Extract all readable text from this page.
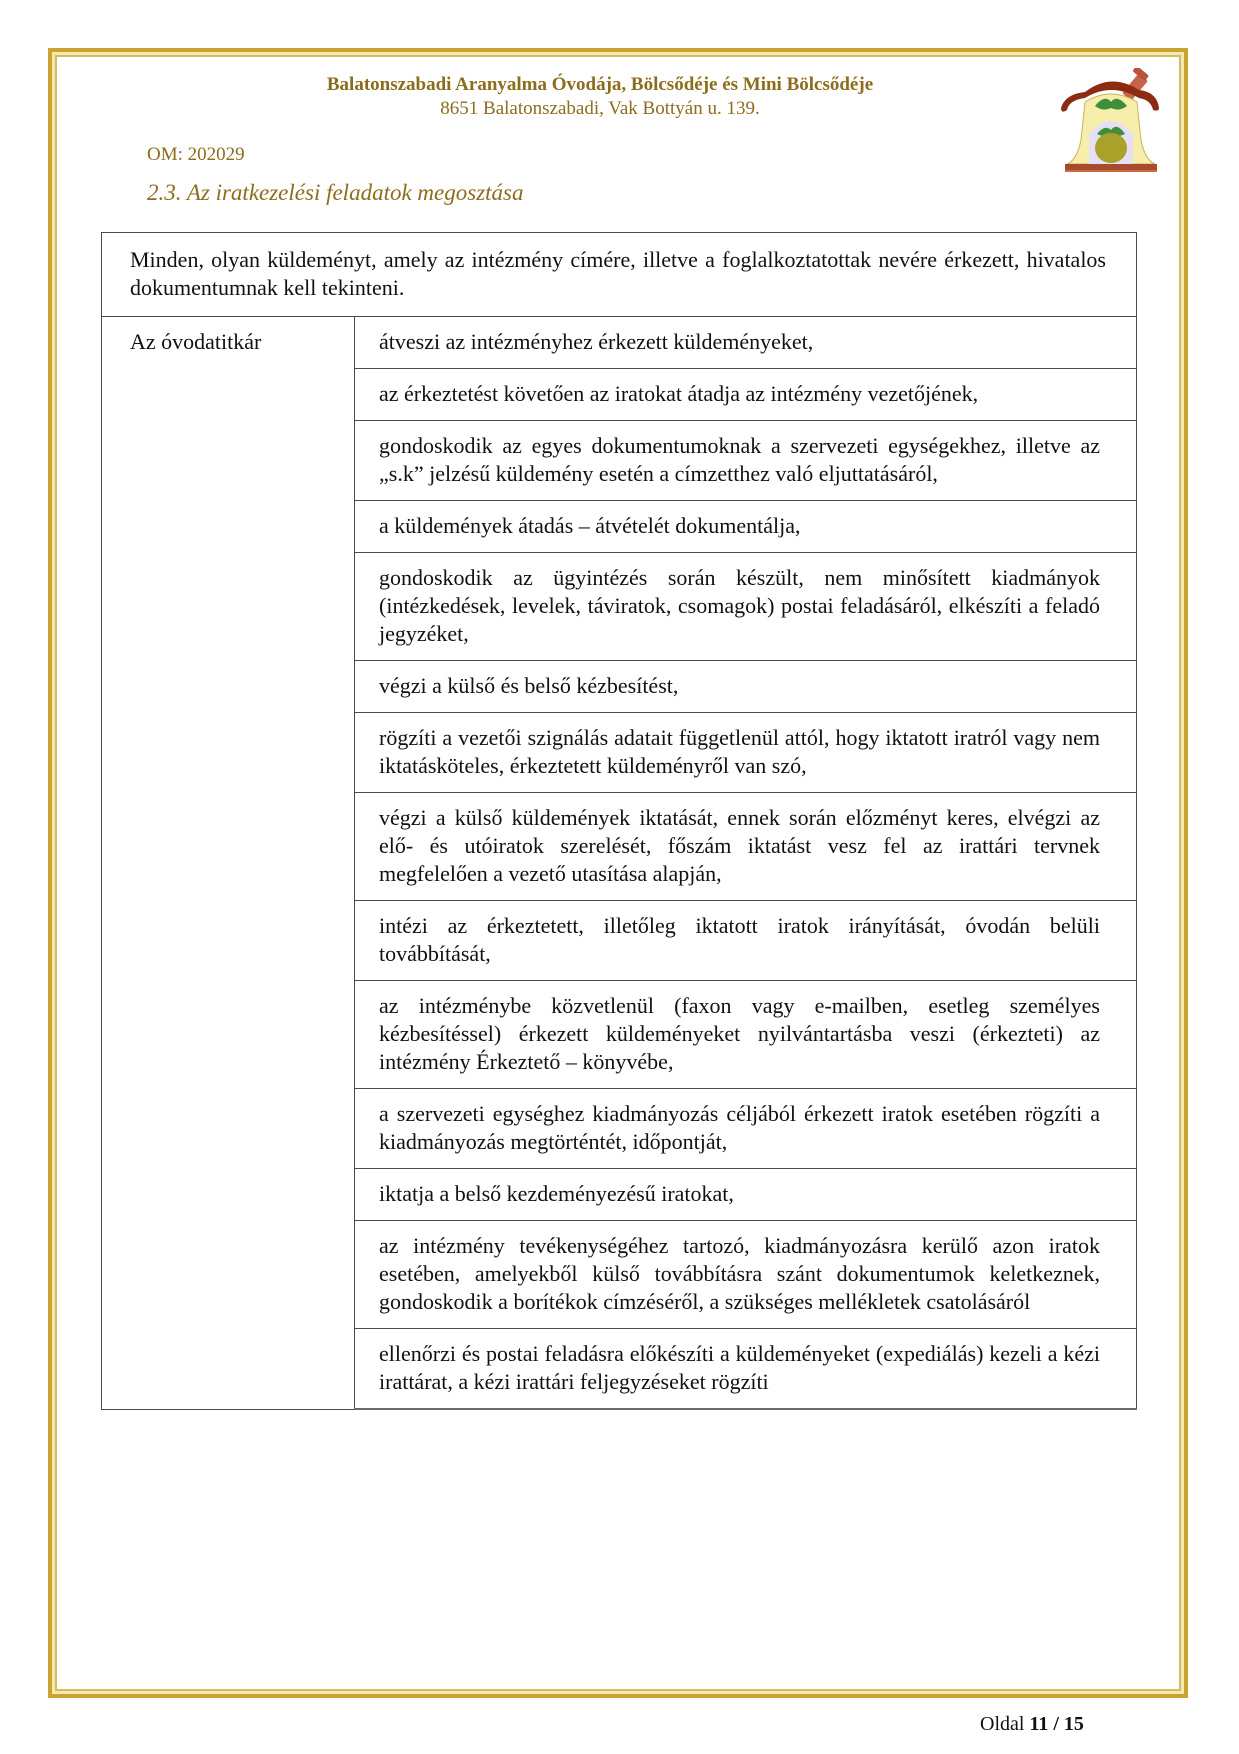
Balatonszabadi Aranyalma Óvodája, Bölcsődéje és Mini Bölcsődéje
8651 Balatonszabadi, Vak Bottyán u. 139.
OM: 202029
2.3. Az iratkezelési feladatok megosztása
Minden, olyan küldeményt, amely az intézmény címére, illetve a foglalkoztatottak nevére érkezett, hivatalos dokumentumnak kell tekinteni.
Az óvodatitkár	átveszi az intézményhez érkezett küldeményeket,
az érkeztetést követően az iratokat átadja az intézmény vezetőjének,
gondoskodik az egyes dokumentumoknak a szervezeti egységekhez, illetve az „s.k” jelzésű küldemény esetén a címzetthez való eljuttatásáról,
a küldemények átadás – átvételét dokumentálja,
gondoskodik az ügyintézés során készült, nem minősített kiadmányok (intézkedések, levelek, táviratok, csomagok) postai feladásáról, elkészíti a feladó jegyzéket,
végzi a külső és belső kézbesítést,
rögzíti a vezetői szignálás adatait függetlenül attól, hogy iktatott iratról vagy nem iktatásköteles, érkeztetett küldeményről van szó,
végzi a külső küldemények iktatását, ennek során előzményt keres, elvégzi az elő- és utóiratok szerelését, főszám iktatást vesz fel az irattári tervnek megfelelően a vezető utasítása alapján,
intézi az érkeztetett, illetőleg iktatott iratok irányítását, óvodán belüli továbbítását,
az intézménybe közvetlenül (faxon vagy e-mailben, esetleg személyes kézbesítéssel) érkezett küldeményeket nyilvántartásba veszi (érkezteti) az intézmény Érkeztető – könyvébe,
a szervezeti egységhez kiadmányozás céljából érkezett iratok esetében rögzíti a kiadmányozás megtörténtét, időpontját,
iktatja a belső kezdeményezésű iratokat,
az intézmény tevékenységéhez tartozó, kiadmányozásra kerülő azon iratok esetében, amelyekből külső továbbításra szánt dokumentumok keletkeznek, gondoskodik a borítékok címzéséről, a szükséges mellékletek csatolásáról
ellenőrzi és postai feladásra előkészíti a küldeményeket (expediálás) kezeli a kézi irattárat, a kézi irattári feljegyzéseket rögzíti
Oldal 11 / 15
